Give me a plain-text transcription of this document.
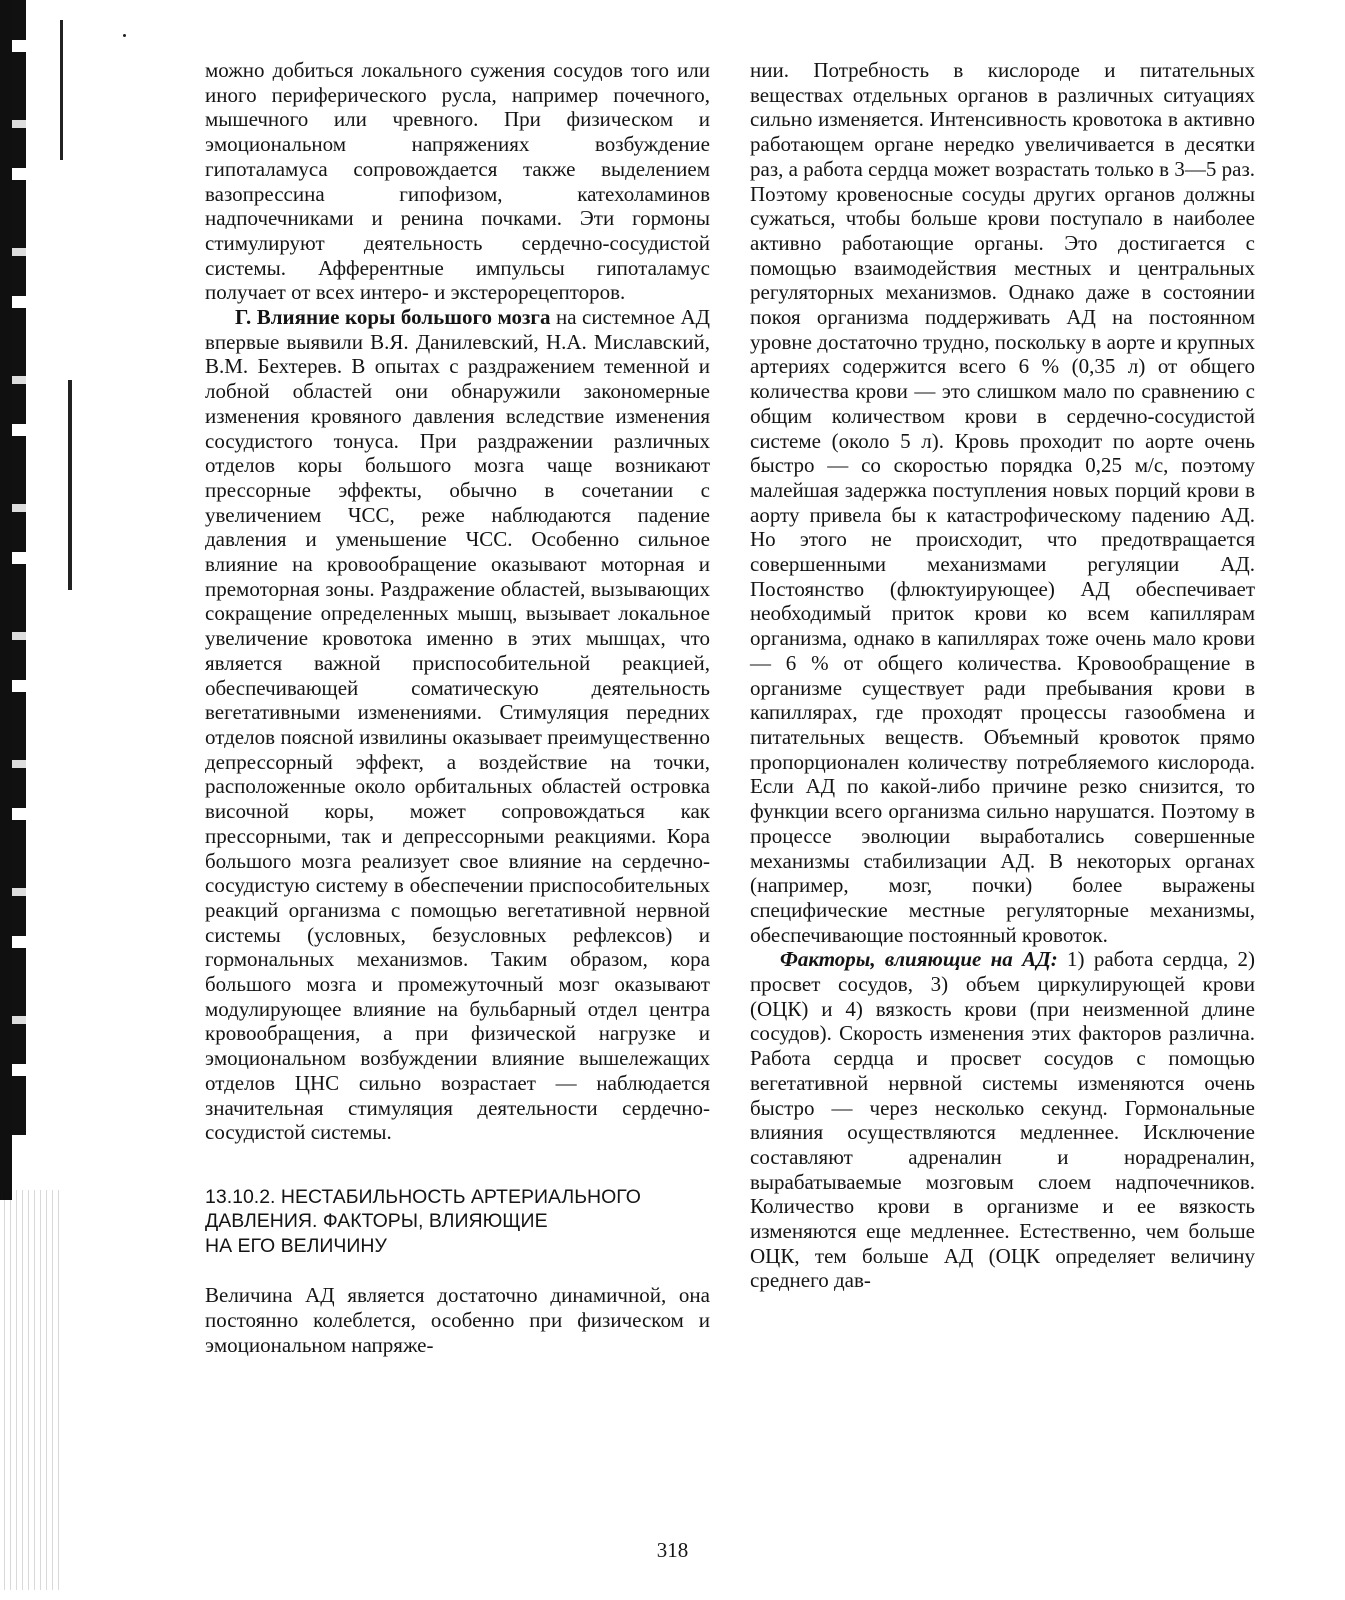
можно добиться локального сужения сосудов того или иного периферического русла, например почечного, мышечного или чревного. При физическом и эмоциональном напряжениях возбуждение гипоталамуса сопровождается также выделением вазопрессина гипофизом, катехоламинов надпочечниками и ренина почками. Эти гормоны стимулируют деятельность сердечно-сосудистой системы. Афферентные импульсы гипоталамус получает от всех интеро- и экстерорецепторов.

Г. Влияние коры большого мозга на системное АД впервые выявили В.Я. Данилевский, Н.А. Миславский, В.М. Бехтерев. В опытах с раздражением теменной и лобной областей они обнаружили закономерные изменения кровяного давления вследствие изменения сосудистого тонуса. При раздражении различных отделов коры большого мозга чаще возникают прессорные эффекты, обычно в сочетании с увеличением ЧСС, реже наблюдаются падение давления и уменьшение ЧСС. Особенно сильное влияние на кровообращение оказывают моторная и премоторная зоны. Раздражение областей, вызывающих сокращение определенных мышц, вызывает локальное увеличение кровотока именно в этих мышцах, что является важной приспособительной реакцией, обеспечивающей соматическую деятельность вегетативными изменениями. Стимуляция передних отделов поясной извилины оказывает преимущественно депрессорный эффект, а воздействие на точки, расположенные около орбитальных областей островка височной коры, может сопровождаться как прессорными, так и депрессорными реакциями. Кора большого мозга реализует свое влияние на сердечно-сосудистую систему в обеспечении приспособительных реакций организма с помощью вегетативной нервной системы (условных, безусловных рефлексов) и гормональных механизмов. Таким образом, кора большого мозга и промежуточный мозг оказывают модулирующее влияние на бульбарный отдел центра кровообращения, а при физической нагрузке и эмоциональном возбуждении влияние вышележащих отделов ЦНС сильно возрастает — наблюдается значительная стимуляция деятельности сердечно-сосудистой системы.

13.10.2. НЕСТАБИЛЬНОСТЬ АРТЕРИАЛЬНОГО
ДАВЛЕНИЯ. ФАКТОРЫ, ВЛИЯЮЩИЕ
НА ЕГО ВЕЛИЧИНУ

Величина АД является достаточно динамичной, она постоянно колеблется, особенно при физическом и эмоциональном напряже-

нии. Потребность в кислороде и питательных веществах отдельных органов в различных ситуациях сильно изменяется. Интенсивность кровотока в активно работающем органе нередко увеличивается в десятки раз, а работа сердца может возрастать только в 3—5 раз. Поэтому кровеносные сосуды других органов должны сужаться, чтобы больше крови поступало в наиболее активно работающие органы. Это достигается с помощью взаимодействия местных и центральных регуляторных механизмов. Однако даже в состоянии покоя организма поддерживать АД на постоянном уровне достаточно трудно, поскольку в аорте и крупных артериях содержится всего 6 % (0,35 л) от общего количества крови — это слишком мало по сравнению с общим количеством крови в сердечно-сосудистой системе (около 5 л). Кровь проходит по аорте очень быстро — со скоростью порядка 0,25 м/с, поэтому малейшая задержка поступления новых порций крови в аорту привела бы к катастрофическому падению АД. Но этого не происходит, что предотвращается совершенными механизмами регуляции АД. Постоянство (флюктуирующее) АД обеспечивает необходимый приток крови ко всем капиллярам организма, однако в капиллярах тоже очень мало крови — 6 % от общего количества. Кровообращение в организме существует ради пребывания крови в капиллярах, где проходят процессы газообмена и питательных веществ. Объемный кровоток прямо пропорционален количеству потребляемого кислорода. Если АД по какой-либо причине резко снизится, то функции всего организма сильно нарушатся. Поэтому в процессе эволюции выработались совершенные механизмы стабилизации АД. В некоторых органах (например, мозг, почки) более выражены специфические местные регуляторные механизмы, обеспечивающие постоянный кровоток.

Факторы, влияющие на АД: 1) работа сердца, 2) просвет сосудов, 3) объем циркулирующей крови (ОЦК) и 4) вязкость крови (при неизменной длине сосудов). Скорость изменения этих факторов различна. Работа сердца и просвет сосудов с помощью вегетативной нервной системы изменяются очень быстро — через несколько секунд. Гормональные влияния осуществляются медленнее. Исключение составляют адреналин и норадреналин, вырабатываемые мозговым слоем надпочечников. Количество крови в организме и ее вязкость изменяются еще медленнее. Естественно, чем больше ОЦК, тем больше АД (ОЦК определяет величину среднего дав-

318
